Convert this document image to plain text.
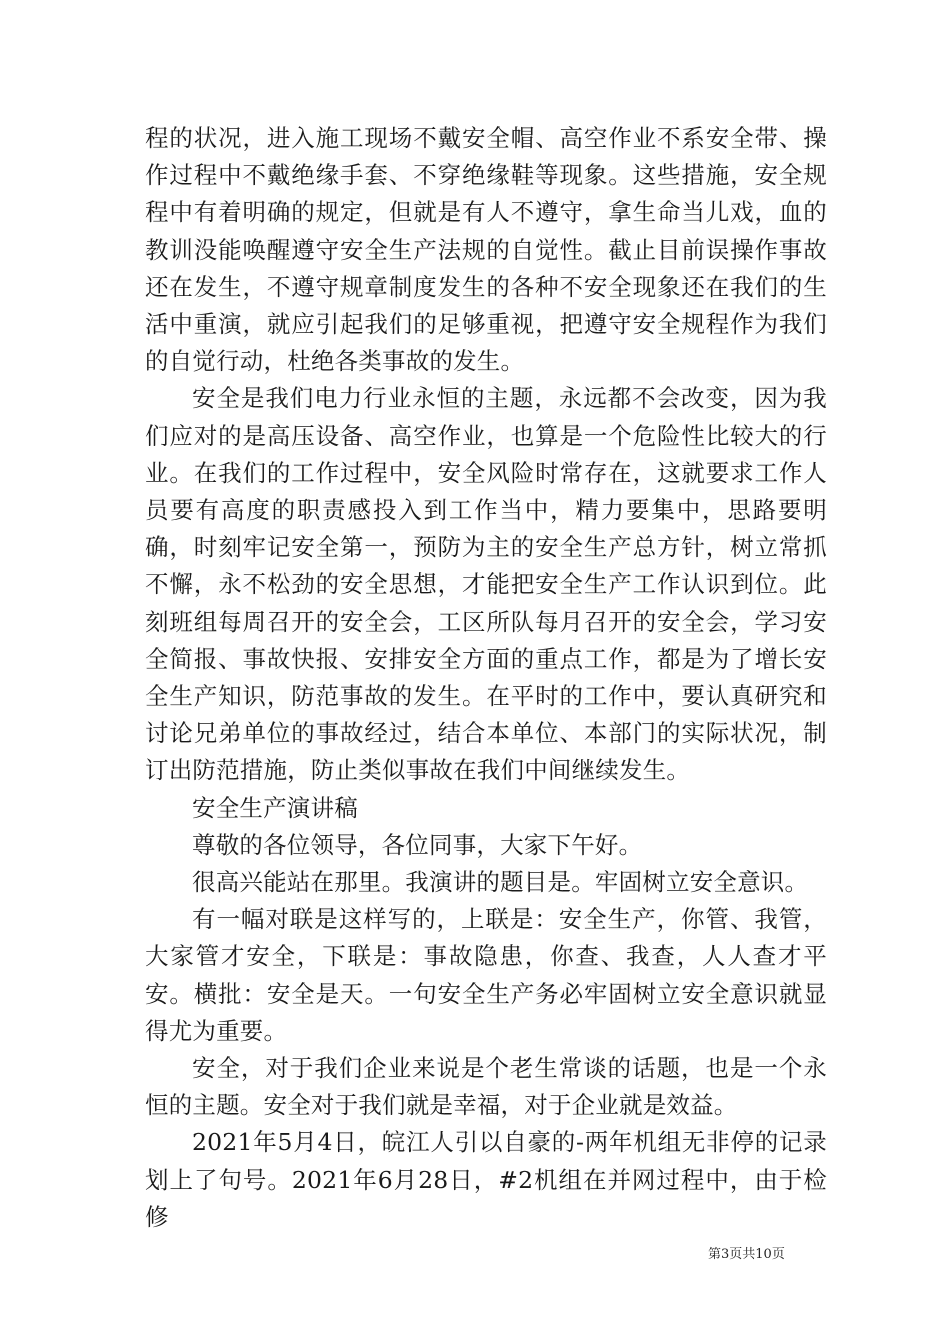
程的状况，进入施工现场不戴安全帽、高空作业不系安全带、操作过程中不戴绝缘手套、不穿绝缘鞋等现象。这些措施，安全规程中有着明确的规定，但就是有人不遵守，拿生命当儿戏，血的教训没能唤醒遵守安全生产法规的自觉性。截止目前误操作事故还在发生，不遵守规章制度发生的各种不安全现象还在我们的生活中重演，就应引起我们的足够重视，把遵守安全规程作为我们的自觉行动，杜绝各类事故的发生。

安全是我们电力行业永恒的主题，永远都不会改变，因为我们应对的是高压设备、高空作业，也算是一个危险性比较大的行业。在我们的工作过程中，安全风险时常存在，这就要求工作人员要有高度的职责感投入到工作当中，精力要集中，思路要明确，时刻牢记安全第一，预防为主的安全生产总方针，树立常抓不懈，永不松劲的安全思想，才能把安全生产工作认识到位。此刻班组每周召开的安全会，工区所队每月召开的安全会，学习安全简报、事故快报、安排安全方面的重点工作，都是为了增长安全生产知识，防范事故的发生。在平时的工作中，要认真研究和讨论兄弟单位的事故经过，结合本单位、本部门的实际状况，制订出防范措施，防止类似事故在我们中间继续发生。

安全生产演讲稿

尊敬的各位领导，各位同事，大家下午好。

很高兴能站在那里。我演讲的题目是。牢固树立安全意识。

有一幅对联是这样写的，上联是：安全生产，你管、我管，大家管才安全，下联是：事故隐患，你查、我查，人人查才平安。横批：安全是天。一句安全生产务必牢固树立安全意识就显得尤为重要。

安全，对于我们企业来说是个老生常谈的话题，也是一个永恒的主题。安全对于我们就是幸福，对于企业就是效益。

2021年5月4日，皖江人引以自豪的-两年机组无非停的记录划上了句号。2021年6月28日，#2机组在并网过程中，由于检修

第3页共10页
